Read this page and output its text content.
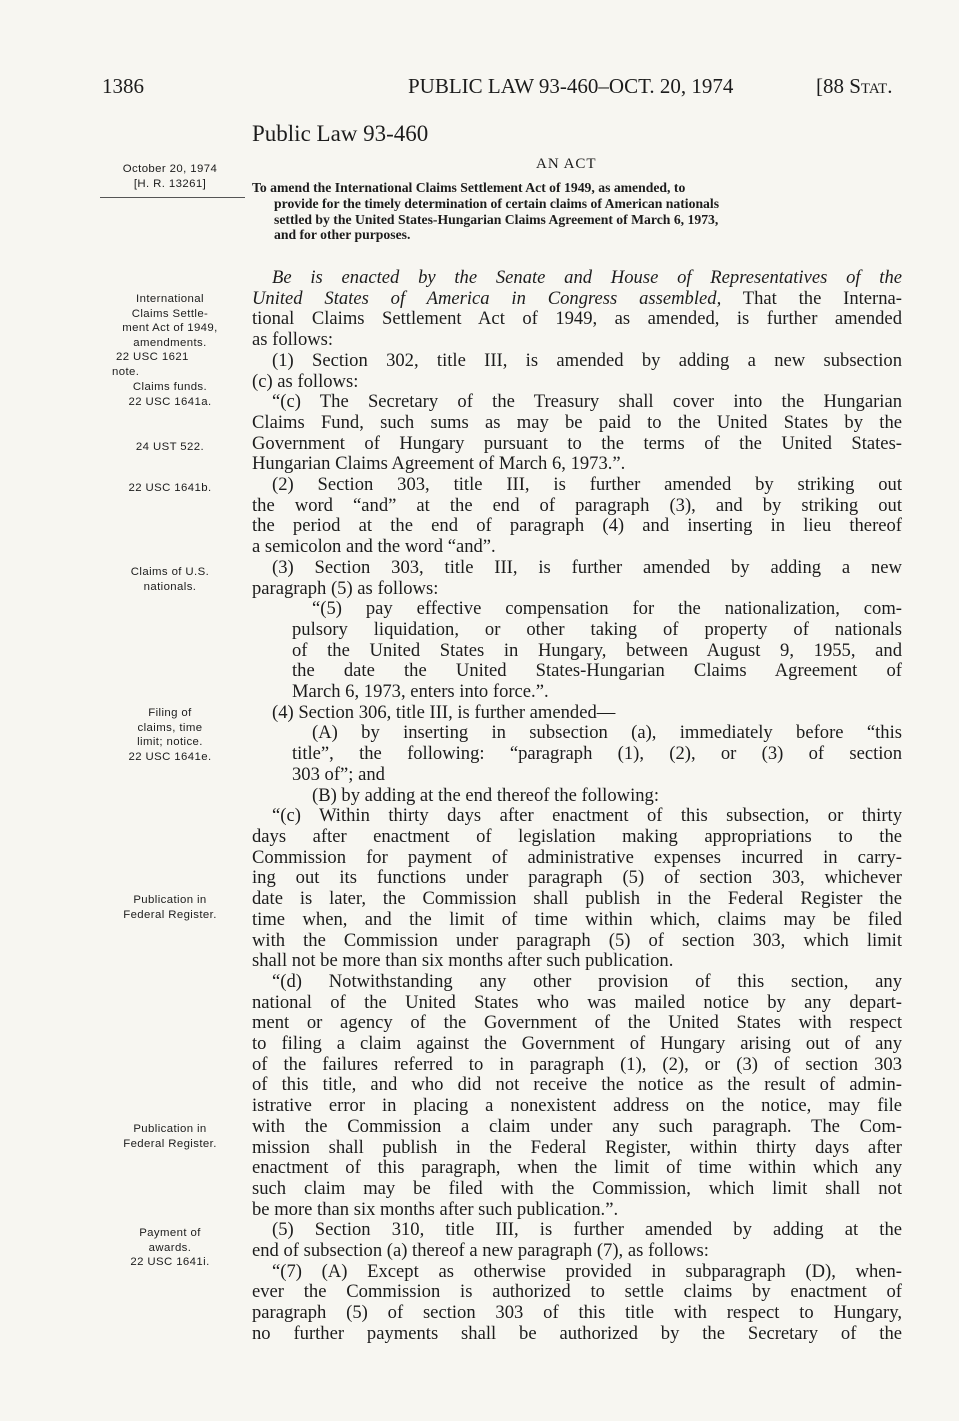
1386	PUBLIC LAW 93-460–OCT. 20, 1974	[88 Stat.
October 20, 1974
[H. R. 13261]
Public Law 93-460
AN ACT
To amend the International Claims Settlement Act of 1949, as amended, to
provide for the timely determination of certain claims of American nationals
settled by the United States-Hungarian Claims Agreement of March 6, 1973,
and for other purposes.
International
Claims Settle-
ment Act of 1949,
amendments.
22 USC 1621
note.
Claims funds.
22 USC 1641a.
24 UST 522.
22 USC 1641b.
Claims of U.S.
nationals.
Filing of
claims, time
limit; notice.
22 USC 1641e.
Publication in
Federal Register.
Publication in
Federal Register.
Payment of
awards.
22 USC 1641i.
Be is enacted by the Senate and House of Representatives of the
United States of America in Congress assembled, That the Interna-
tional Claims Settlement Act of 1949, as amended, is further amended
as follows:
(1) Section 302, title III, is amended by adding a new subsection
(c) as follows:
“(c) The Secretary of the Treasury shall cover into the Hungarian
Claims Fund, such sums as may be paid to the United States by the
Government of Hungary pursuant to the terms of the United States-
Hungarian Claims Agreement of March 6, 1973.”.
(2) Section 303, title III, is further amended by striking out
the word “and” at the end of paragraph (3), and by striking out
the period at the end of paragraph (4) and inserting in lieu thereof
a semicolon and the word “and”.
(3) Section 303, title III, is further amended by adding a new
paragraph (5) as follows:
“(5) pay effective compensation for the nationalization, com-
pulsory liquidation, or other taking of property of nationals
of the United States in Hungary, between August 9, 1955, and
the date the United States-Hungarian Claims Agreement of
March 6, 1973, enters into force.”.
(4) Section 306, title III, is further amended—
(A) by inserting in subsection (a), immediately before “this
title”, the following: “paragraph (1), (2), or (3) of section
303 of”; and
(B) by adding at the end thereof the following:
“(c) Within thirty days after enactment of this subsection, or thirty
days after enactment of legislation making appropriations to the
Commission for payment of administrative expenses incurred in carry-
ing out its functions under paragraph (5) of section 303, whichever
date is later, the Commission shall publish in the Federal Register the
time when, and the limit of time within which, claims may be filed
with the Commission under paragraph (5) of section 303, which limit
shall not be more than six months after such publication.
“(d) Notwithstanding any other provision of this section, any
national of the United States who was mailed notice by any depart-
ment or agency of the Government of the United States with respect
to filing a claim against the Government of Hungary arising out of any
of the failures referred to in paragraph (1), (2), or (3) of section 303
of this title, and who did not receive the notice as the result of admin-
istrative error in placing a nonexistent address on the notice, may file
with the Commission a claim under any such paragraph. The Com-
mission shall publish in the Federal Register, within thirty days after
enactment of this paragraph, when the limit of time within which any
such claim may be filed with the Commission, which limit shall not
be more than six months after such publication.”.
(5) Section 310, title III, is further amended by adding at the
end of subsection (a) thereof a new paragraph (7), as follows:
“(7) (A) Except as otherwise provided in subparagraph (D), when-
ever the Commission is authorized to settle claims by enactment of
paragraph (5) of section 303 of this title with respect to Hungary,
no further payments shall be authorized by the Secretary of the
